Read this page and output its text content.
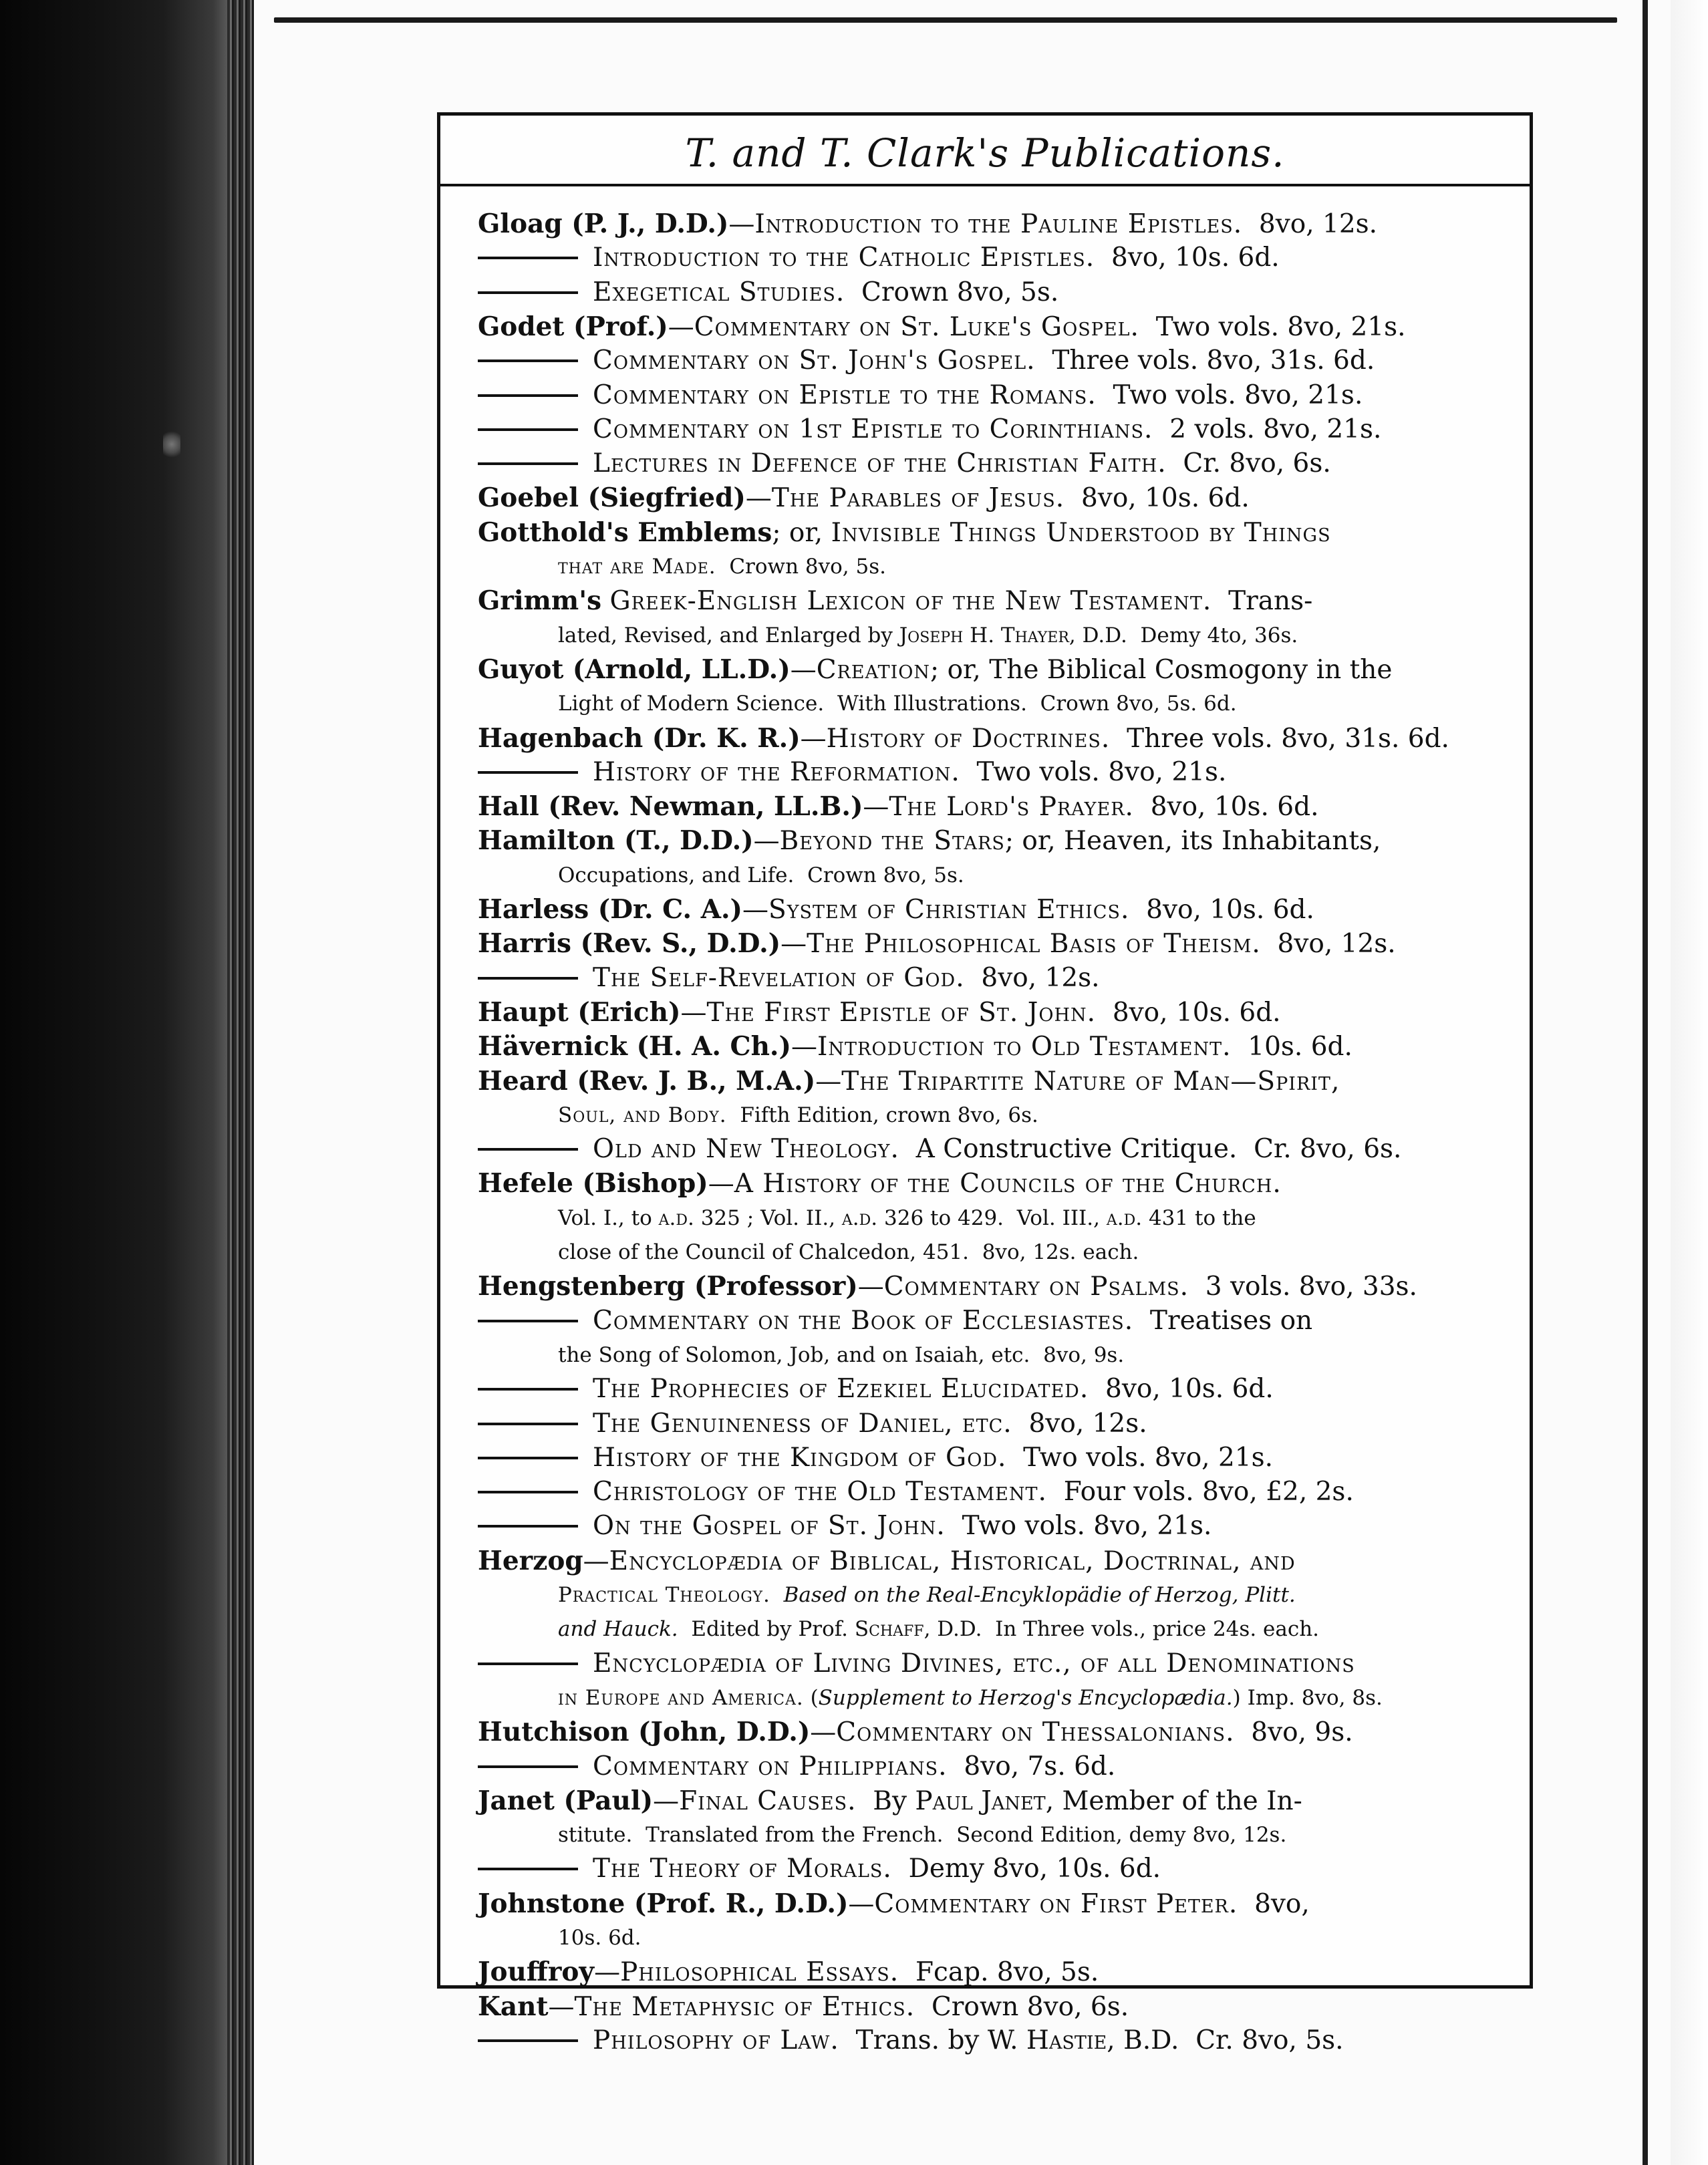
T. and T. Clark's Publications.
Gloag (P. J., D.D.)—Introduction to the Pauline Epistles.  8vo, 12s.
Introduction to the Catholic Epistles.  8vo, 10s. 6d.
Exegetical Studies.  Crown 8vo, 5s.
Godet (Prof.)—Commentary on St. Luke's Gospel.  Two vols. 8vo, 21s.
Commentary on St. John's Gospel.  Three vols. 8vo, 31s. 6d.
Commentary on Epistle to the Romans.  Two vols. 8vo, 21s.
Commentary on 1st Epistle to Corinthians.  2 vols. 8vo, 21s.
Lectures in Defence of the Christian Faith.  Cr. 8vo, 6s.
Goebel (Siegfried)—The Parables of Jesus.  8vo, 10s. 6d.
Gotthold's Emblems; or, Invisible Things Understood by Things
that are Made.  Crown 8vo, 5s.
Grimm's Greek-English Lexicon of the New Testament.  Trans-
lated, Revised, and Enlarged by Joseph H. Thayer, D.D.  Demy 4to, 36s.
Guyot (Arnold, LL.D.)—Creation; or, The Biblical Cosmogony in the
Light of Modern Science.  With Illustrations.  Crown 8vo, 5s. 6d.
Hagenbach (Dr. K. R.)—History of Doctrines.  Three vols. 8vo, 31s. 6d.
History of the Reformation.  Two vols. 8vo, 21s.
Hall (Rev. Newman, LL.B.)—The Lord's Prayer.  8vo, 10s. 6d.
Hamilton (T., D.D.)—Beyond the Stars; or, Heaven, its Inhabitants,
Occupations, and Life.  Crown 8vo, 5s.
Harless (Dr. C. A.)—System of Christian Ethics.  8vo, 10s. 6d.
Harris (Rev. S., D.D.)—The Philosophical Basis of Theism.  8vo, 12s.
The Self-Revelation of God.  8vo, 12s.
Haupt (Erich)—The First Epistle of St. John.  8vo, 10s. 6d.
Hävernick (H. A. Ch.)—Introduction to Old Testament.  10s. 6d.
Heard (Rev. J. B., M.A.)—The Tripartite Nature of Man—Spirit,
Soul, and Body.  Fifth Edition, crown 8vo, 6s.
Old and New Theology.  A Constructive Critique.  Cr. 8vo, 6s.
Hefele (Bishop)—A History of the Councils of the Church.
Vol. I., to a.d. 325 ; Vol. II., a.d. 326 to 429.  Vol. III., a.d. 431 to the
close of the Council of Chalcedon, 451.  8vo, 12s. each.
Hengstenberg (Professor)—Commentary on Psalms.  3 vols. 8vo, 33s.
Commentary on the Book of Ecclesiastes.  Treatises on
the Song of Solomon, Job, and on Isaiah, etc.  8vo, 9s.
The Prophecies of Ezekiel Elucidated.  8vo, 10s. 6d.
The Genuineness of Daniel, etc.  8vo, 12s.
History of the Kingdom of God.  Two vols. 8vo, 21s.
Christology of the Old Testament.  Four vols. 8vo, £2, 2s.
On the Gospel of St. John.  Two vols. 8vo, 21s.
Herzog—Encyclopædia of Biblical, Historical, Doctrinal, and
Practical Theology. Based on the Real-Encyklopädie of Herzog, Plitt.
and Hauck.  Edited by Prof. Schaff, D.D.  In Three vols., price 24s. each.
Encyclopædia of Living Divines, etc., of all Denominations
in Europe and America. (Supplement to Herzog's Encyclopædia.) Imp. 8vo, 8s.
Hutchison (John, D.D.)—Commentary on Thessalonians.  8vo, 9s.
Commentary on Philippians.  8vo, 7s. 6d.
Janet (Paul)—Final Causes.  By Paul Janet, Member of the In-
stitute.  Translated from the French.  Second Edition, demy 8vo, 12s.
The Theory of Morals.  Demy 8vo, 10s. 6d.
Johnstone (Prof. R., D.D.)—Commentary on First Peter.  8vo,
10s. 6d.
Jouffroy—Philosophical Essays.  Fcap. 8vo, 5s.
Kant—The Metaphysic of Ethics.  Crown 8vo, 6s.
Philosophy of Law.  Trans. by W. Hastie, B.D.  Cr. 8vo, 5s.
